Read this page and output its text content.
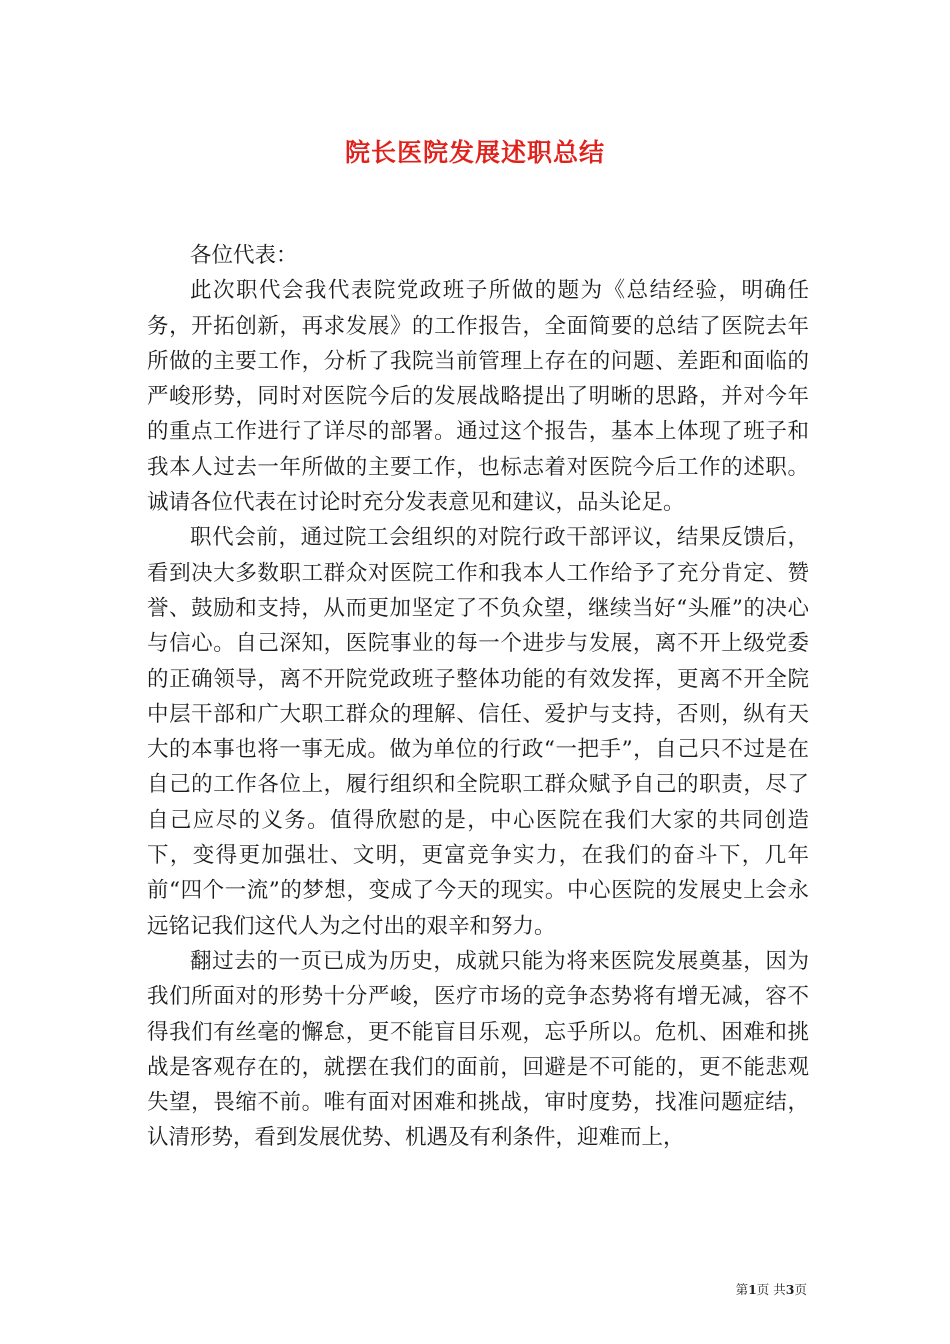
院长医院发展述职总结

各位代表：

此次职代会我代表院党政班子所做的题为《总结经验，明确任务，开拓创新，再求发展》的工作报告，全面简要的总结了医院去年所做的主要工作，分析了我院当前管理上存在的问题、差距和面临的严峻形势，同时对医院今后的发展战略提出了明晰的思路，并对今年的重点工作进行了详尽的部署。通过这个报告，基本上体现了班子和我本人过去一年所做的主要工作，也标志着对医院今后工作的述职。诚请各位代表在讨论时充分发表意见和建议，品头论足。

职代会前，通过院工会组织的对院行政干部评议，结果反馈后，看到决大多数职工群众对医院工作和我本人工作给予了充分肯定、赞誉、鼓励和支持，从而更加坚定了不负众望，继续当好“头雁”的决心与信心。自己深知，医院事业的每一个进步与发展，离不开上级党委的正确领导，离不开院党政班子整体功能的有效发挥，更离不开全院中层干部和广大职工群众的理解、信任、爱护与支持，否则，纵有天大的本事也将一事无成。做为单位的行政“一把手”，自己只不过是在自己的工作各位上，履行组织和全院职工群众赋予自己的职责，尽了自己应尽的义务。值得欣慰的是，中心医院在我们大家的共同创造下，变得更加强壮、文明，更富竞争实力，在我们的奋斗下，几年前“四个一流”的梦想，变成了今天的现实。中心医院的发展史上会永远铭记我们这代人为之付出的艰辛和努力。

翻过去的一页已成为历史，成就只能为将来医院发展奠基，因为我们所面对的形势十分严峻，医疗市场的竞争态势将有增无减，容不得我们有丝毫的懈怠，更不能盲目乐观，忘乎所以。危机、困难和挑战是客观存在的，就摆在我们的面前，回避是不可能的，更不能悲观失望，畏缩不前。唯有面对困难和挑战，审时度势，找准问题症结，认清形势，看到发展优势、机遇及有利条件，迎难而上，

第1页 共3页
